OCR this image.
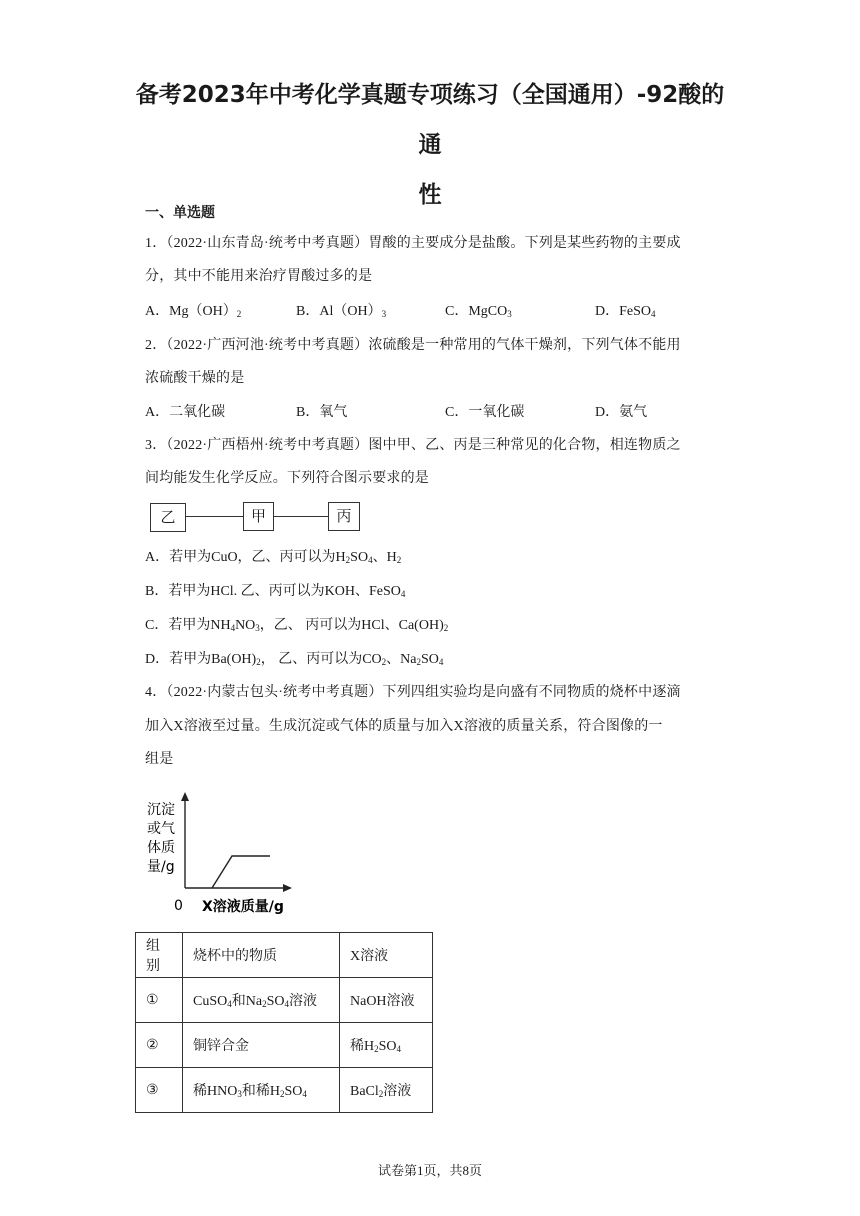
备考2023年中考化学真题专项练习（全国通用）-92酸的通
性
一、单选题
1．（2022·山东青岛·统考中考真题）胃酸的主要成分是盐酸。下列是某些药物的主要成
分，其中不能用来治疗胃酸过多的是
A．$Mg(OH)_2$	B．$Al(OH)_3$	C．MgCO$_3$	D．FeSO$_4$
2．（2022·广西河池·统考中考真题）浓硫酸是一种常用的气体干燥剂，下列气体不能用
浓硫酸干燥的是
A．二氧化碳	B．氧气	C．一氧化碳	D．氨气
3．（2022·广西梧州·统考中考真题）图中甲、乙、丙是三种常见的化合物，相连物质之
间均能发生化学反应。下列符合图示要求的是
乙	甲	丙
A．若甲为CuO，乙、丙可以为$H_2SO_4$、$H_2$
B．若甲为HCl. 乙、丙可以为KOH、FeSO$_4$
C．若甲为$NH_4NO_3$，乙、 丙可以为HCl、$Ca(OH)_2$
D．若甲为$Ba(OH)_2$， 乙、丙可以为$CO_2$、$Na_2SO_4$
4．（2022·内蒙古包头·统考中考真题）下列四组实验均是向盛有不同物质的烧杯中逐滴
加入X溶液至过量。生成沉淀或气体的质量与加入X溶液的质量关系，符合图像的一
组是
沉淀
或气
体质
量/g
0 X溶液质量/g
组别	烧杯中的物质	X溶液
①	CuSO$_4$和$Na_2SO_4$溶液	NaOH溶液
②	铜锌合金	稀$H_2SO_4$
③	稀$HNO_3$和稀$H_2SO_4$	BaCl$_2$溶液
试卷第1页，共8页
